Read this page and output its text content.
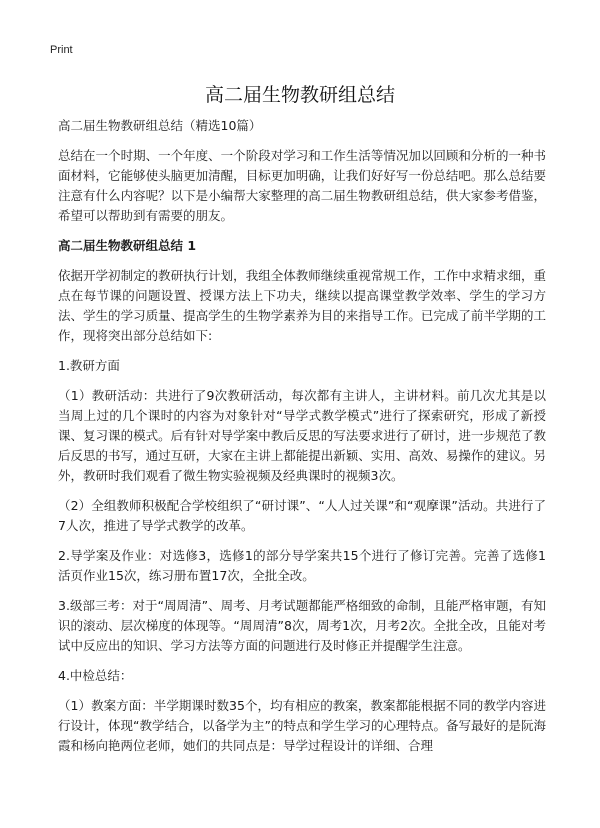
Print
高二届生物教研组总结

高二届生物教研组总结（精选10篇）

总结在一个时期、一个年度、一个阶段对学习和工作生活等情况加以回顾和分析的一种书面材料，它能够使头脑更加清醒，目标更加明确，让我们好好写一份总结吧。那么总结要注意有什么内容呢？以下是小编帮大家整理的高二届生物教研组总结，供大家参考借鉴，希望可以帮助到有需要的朋友。

高二届生物教研组总结 1

依据开学初制定的教研执行计划，我组全体教师继续重视常规工作，工作中求精求细，重点在每节课的问题设置、授课方法上下功夫，继续以提高课堂教学效率、学生的学习方法、学生的学习质量、提高学生的生物学素养为目的来指导工作。已完成了前半学期的工作，现将突出部分总结如下:

1.教研方面

（1）教研活动：共进行了9次教研活动，每次都有主讲人，主讲材料。前几次尤其是以当周上过的几个课时的内容为对象针对“导学式教学模式”进行了探索研究，形成了新授课、复习课的模式。后有针对导学案中教后反思的写法要求进行了研讨，进一步规范了教后反思的书写，通过互研，大家在主讲上都能提出新颖、实用、高效、易操作的建议。另外，教研时我们观看了微生物实验视频及经典课时的视频3次。

（2）全组教师积极配合学校组织了“研讨课”、“人人过关课”和“观摩课”活动。共进行了7人次，推进了导学式教学的改革。

2.导学案及作业：对选修3，选修1的部分导学案共15个进行了修订完善。完善了选修1活页作业15次，练习册布置17次，全批全改。

3.级部三考：对于“周周清”、周考、月考试题都能严格细致的命制，且能严格审题，有知识的滚动、层次梯度的体现等。“周周清”8次，周考1次，月考2次。全批全改，且能对考试中反应出的知识、学习方法等方面的问题进行及时修正并提醒学生注意。

4.中检总结：

（1）教案方面：半学期课时数35个，均有相应的教案，教案都能根据不同的教学内容进行设计，体现“教学结合，以备学为主”的特点和学生学习的心理特点。备写最好的是阮海霞和杨向艳两位老师，她们的共同点是：导学过程设计的详细、合理
